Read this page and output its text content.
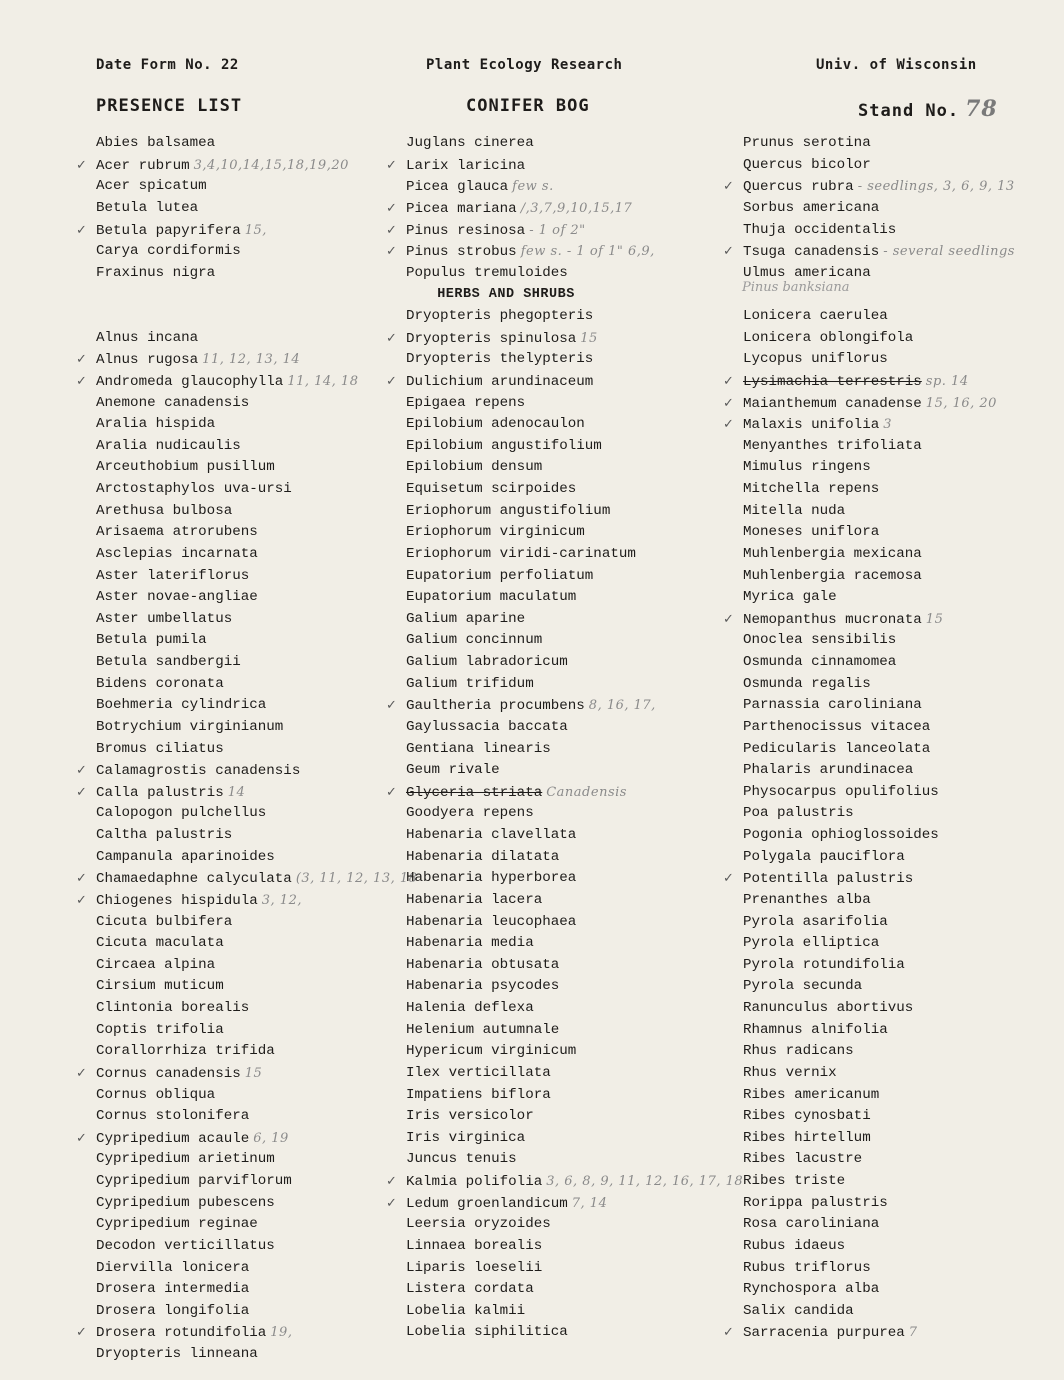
Date Form No. 22	Plant Ecology Research	Univ. of Wisconsin
PRESENCE LIST	CONIFER BOG	Stand No. 78
Abies balsamea
✓ Acer rubrum 3,4,10,14,15,18,19,20
Acer spicatum
Betula lutea
✓ Betula papyrifera 15,
Carya cordiformis
Fraxinus nigra
Alnus incana
✓ Alnus rugosa 11, 12, 13, 14
✓ Andromeda glaucophylla 11, 14, 18
Anemone canadensis
Aralia hispida
Aralia nudicaulis
Arceuthobium pusillum
Arctostaphylos uva-ursi
Arethusa bulbosa
Arisaema atrorubens
Asclepias incarnata
Aster lateriflorus
Aster novae-angliae
Aster umbellatus
Betula pumila
Betula sandbergii
Bidens coronata
Boehmeria cylindrica
Botrychium virginianum
Bromus ciliatus
✓ Calamagrostis canadensis
✓ Calla palustris 14
Calopogon pulchellus
Caltha palustris
Campanula aparinoides
✓ Chamaedaphne calyculata (3, 11, 12, 13, 18
✓ Chiogenes hispidula 3, 12,
Cicuta bulbifera
Cicuta maculata
Circaea alpina
Cirsium muticum
Clintonia borealis
Coptis trifolia
Corallorrhiza trifida
✓ Cornus canadensis 15
Cornus obliqua
Cornus stolonifera
✓ Cypripedium acaule 6, 19
Cypripedium arietinum
Cypripedium parviflorum
Cypripedium pubescens
Cypripedium reginae
Decodon verticillatus
Diervilla lonicera
Drosera intermedia
Drosera longifolia
✓ Drosera rotundifolia 19,
Dryopteris linneana
Juglans cinerea
✓ Larix laricina
Picea glauca few s.
✓ Picea mariana /,3,7,9,10,15,17
✓ Pinus resinosa - 1 of 2"
✓ Pinus strobus few s. - 1 of 1" 6,9,
Populus tremuloides
HERBS AND SHRUBS
Dryopteris phegopteris
✓ Dryopteris spinulosa 15
Dryopteris thelypteris
✓ Dulichium arundinaceum
Epigaea repens
Epilobium adenocaulon
Epilobium angustifolium
Epilobium densum
Equisetum scirpoides
Eriophorum angustifolium
Eriophorum virginicum
Eriophorum viridi-carinatum
Eupatorium perfoliatum
Eupatorium maculatum
Galium aparine
Galium concinnum
Galium labradoricum
Galium trifidum
✓ Gaultheria procumbens 8, 16, 17,
Gaylussacia baccata
Gentiana linearis
Geum rivale
✓ Glyceria striata Canadensis
Goodyera repens
Habenaria clavellata
Habenaria dilatata
Habenaria hyperborea
Habenaria lacera
Habenaria leucophaea
Habenaria media
Habenaria obtusata
Habenaria psycodes
Halenia deflexa
Helenium autumnale
Hypericum virginicum
Ilex verticillata
Impatiens biflora
Iris versicolor
Iris virginica
Juncus tenuis
✓ Kalmia polifolia 3, 6, 8, 9, 11, 12, 16, 17, 18
✓ Ledum groenlandicum 7, 14
Leersia oryzoides
Linnaea borealis
Liparis loeselii
Listera cordata
Lobelia kalmii
Lobelia siphilitica
Prunus serotina
Quercus bicolor
✓ Quercus rubra - seedlings, 3, 6, 9, 13
Sorbus americana
Thuja occidentalis
✓ Tsuga canadensis - several seedlings
Ulmus americana
Lonicera caerulea
Lonicera oblongifola
Lycopus uniflorus
✓ Lysimachia terrestris sp. 14
✓ Maianthemum canadense 15, 16, 20
✓ Malaxis unifolia 3
Menyanthes trifoliata
Mimulus ringens
Mitchella repens
Mitella nuda
Moneses uniflora
Muhlenbergia mexicana
Muhlenbergia racemosa
Myrica gale
✓ Nemopanthus mucronata 15
Onoclea sensibilis
Osmunda cinnamomea
Osmunda regalis
Parnassia caroliniana
Parthenocissus vitacea
Pedicularis lanceolata
Phalaris arundinacea
Physocarpus opulifolius
Poa palustris
Pogonia ophioglossoides
Polygala pauciflora
✓ Potentilla palustris
Prenanthes alba
Pyrola asarifolia
Pyrola elliptica
Pyrola rotundifolia
Pyrola secunda
Ranunculus abortivus
Rhamnus alnifolia
Rhus radicans
Rhus vernix
Ribes americanum
Ribes cynosbati
Ribes hirtellum
Ribes lacustre
Ribes triste
Rorippa palustris
Rosa caroliniana
Rubus idaeus
Rubus triflorus
Rynchospora alba
Salix candida
✓ Sarracenia purpurea 7
Pinus banksiana
